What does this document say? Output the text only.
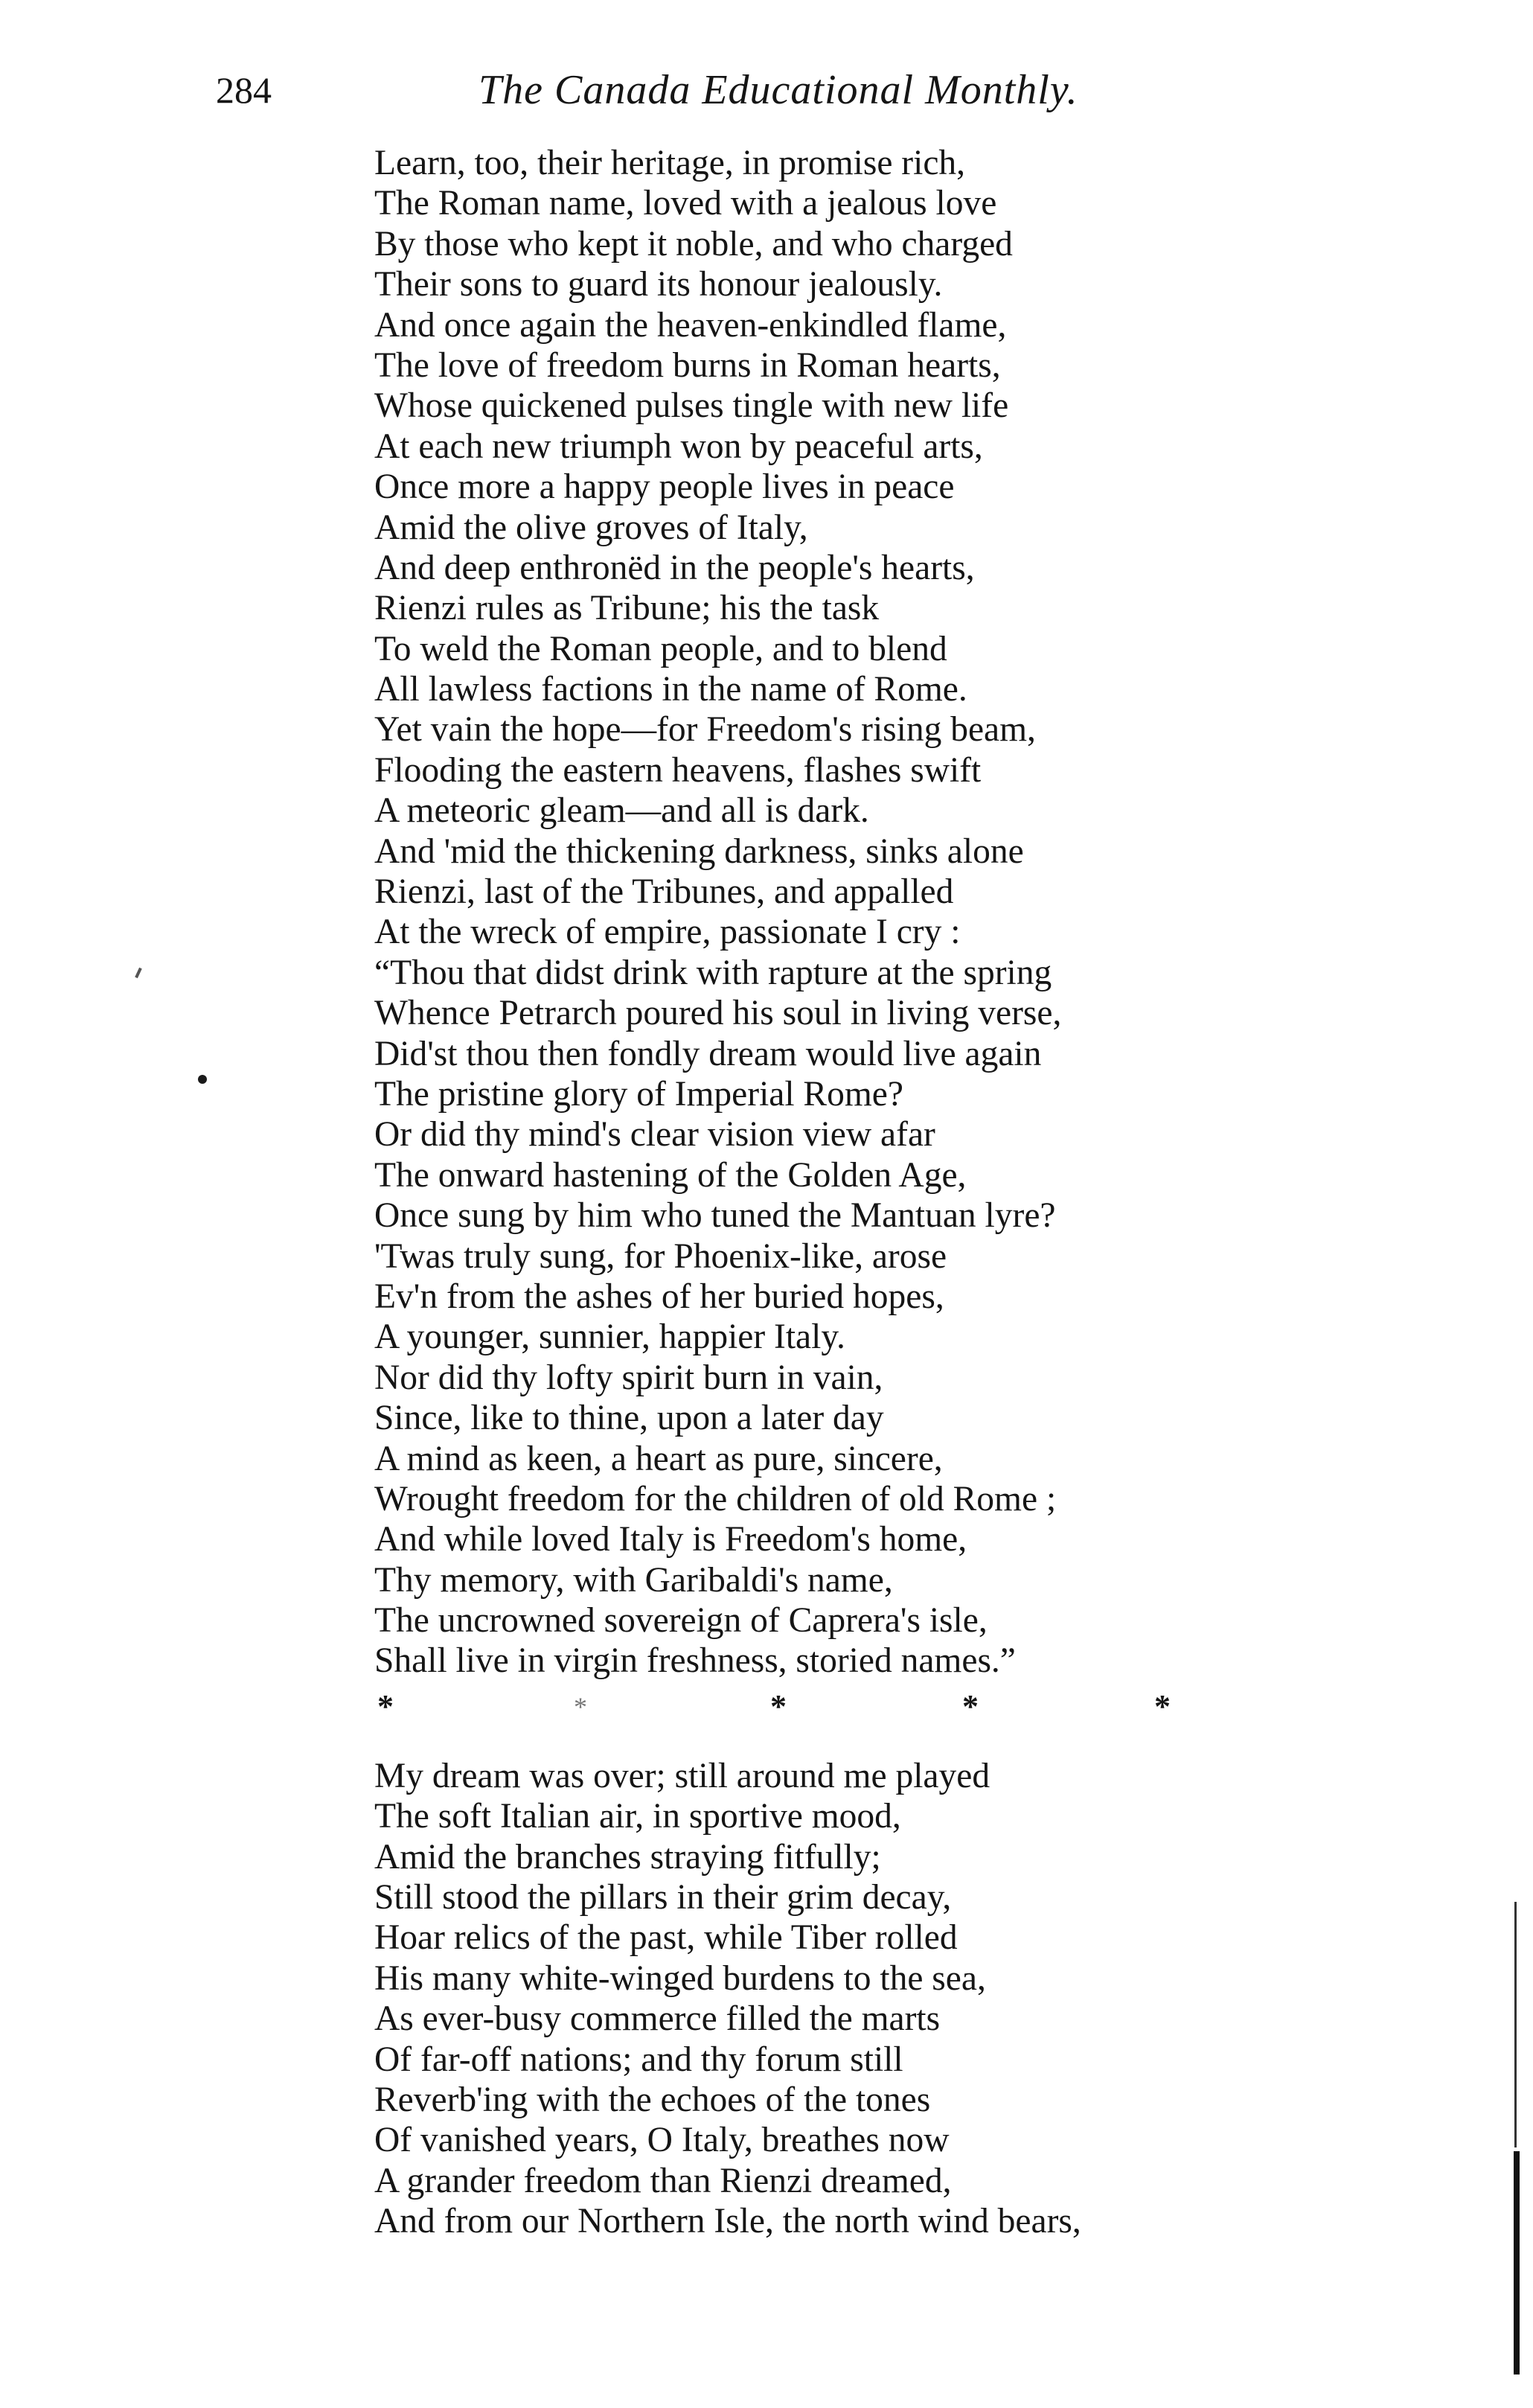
284	The Canada Educational Monthly.
Learn, too, their heritage, in promise rich,
The Roman name, loved with a jealous love
By those who kept it noble, and who charged
Their sons to guard its honour jealously.
And once again the heaven-enkindled flame,
The love of freedom burns in Roman hearts,
Whose quickened pulses tingle with new life
At each new triumph won by peaceful arts,
Once more a happy people lives in peace
Amid the olive groves of Italy,
And deep enthronëd in the people's hearts,
Rienzi rules as Tribune; his the task
To weld the Roman people, and to blend
All lawless factions in the name of Rome.
Yet vain the hope—for Freedom's rising beam,
Flooding the eastern heavens, flashes swift
A meteoric gleam—and all is dark.
And 'mid the thickening darkness, sinks alone
Rienzi, last of the Tribunes, and appalled
At the wreck of empire, passionate I cry :
“Thou that didst drink with rapture at the spring
Whence Petrarch poured his soul in living verse,
Did'st thou then fondly dream would live again
The pristine glory of Imperial Rome?
Or did thy mind's clear vision view afar
The onward hastening of the Golden Age,
Once sung by him who tuned the Mantuan lyre?
'Twas truly sung, for Phoenix-like, arose
Ev'n from the ashes of her buried hopes,
A younger, sunnier, happier Italy.
Nor did thy lofty spirit burn in vain,
Since, like to thine, upon a later day
A mind as keen, a heart as pure, sincere,
Wrought freedom for the children of old Rome ;
And while loved Italy is Freedom's home,
Thy memory, with Garibaldi's name,
The uncrowned sovereign of Caprera's isle,
Shall live in virgin freshness, storied names.”
*	*	*	*	*
My dream was over; still around me played
The soft Italian air, in sportive mood,
Amid the branches straying fitfully;
Still stood the pillars in their grim decay,
Hoar relics of the past, while Tiber rolled
His many white-winged burdens to the sea,
As ever-busy commerce filled the marts
Of far-off nations; and thy forum still
Reverb'ing with the echoes of the tones
Of vanished years, O Italy, breathes now
A grander freedom than Rienzi dreamed,
And from our Northern Isle, the north wind bears,
